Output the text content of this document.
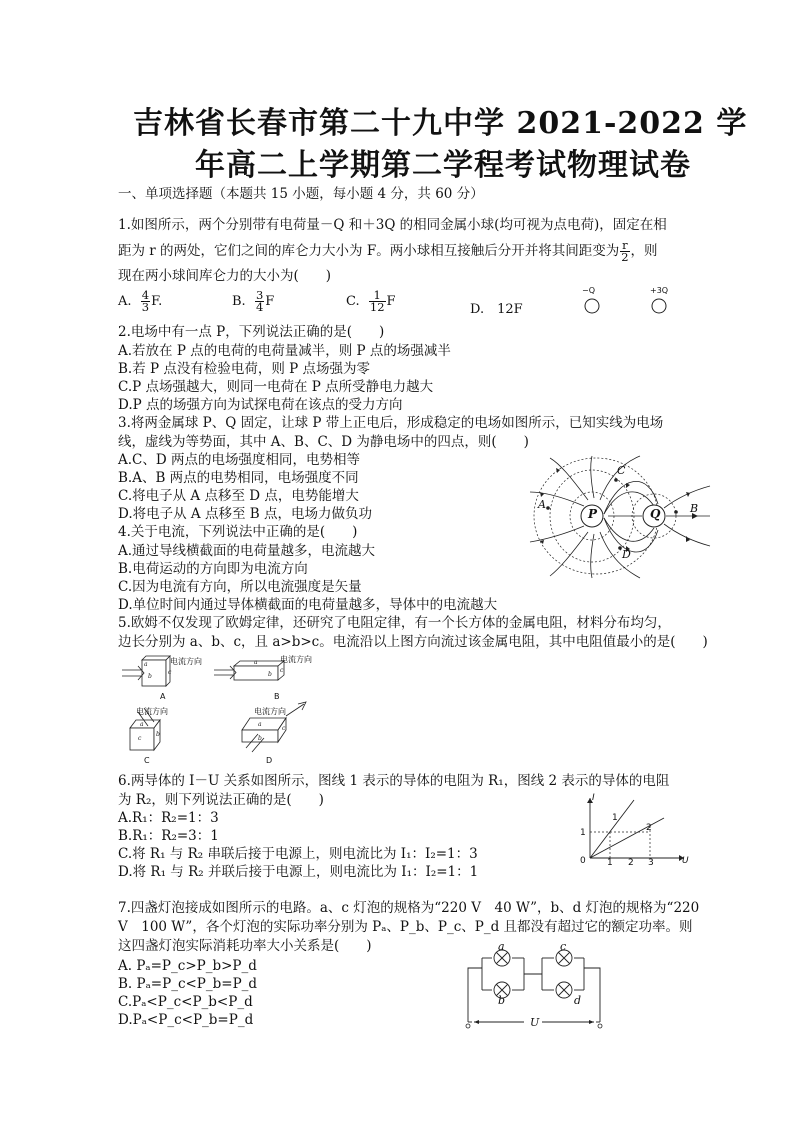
吉林省长春市第二十九中学 2021-2022 学
年高二上学期第二学程考试物理试卷
一、单项选择题（本题共 15 小题，每小题 4 分，共 60 分）
1.如图所示，两个分别带有电荷量－Q 和＋3Q 的相同金属小球(均可视为点电荷)，固定在相
距为 r 的两处，它们之间的库仑力大小为 F。两小球相互接触后分开并将其间距变为 $\frac{r}{2}$ ，则
现在两小球间库仑力的大小为(　　)
A. $\frac{4}{3} F$.	B. $\frac{3}{4}$ F	C. $\frac{1}{12}$ F
D.　12F
−Q	+3Q
2.电场中有一点 P，下列说法正确的是(　　)
A.若放在 P 点的电荷的电荷量减半，则 P 点的场强减半
B.若 P 点没有检验电荷，则 P 点场强为零
C.P 点场强越大，则同一电荷在 P 点所受静电力越大
D.P 点的场强方向为试探电荷在该点的受力方向
3.将两金属球 P、Q 固定，让球 P 带上正电后，形成稳定的电场如图所示，已知实线为电场
线，虚线为等势面，其中 A、B、C、D 为静电场中的四点，则(　　)
A.C、D 两点的电场强度相同，电势相等
B.A、B 两点的电势相同，电场强度不同
C.将电子从 A 点移至 D 点，电势能增大
D.将电子从 A 点移至 B 点，电场力做负功	P	Q
A	B
C
D
4.关于电流，下列说法中正确的是(　　)
A.通过导线横截面的电荷量越多，电流越大
B.电荷运动的方向即为电流方向
C.因为电流有方向，所以电流强度是矢量
D.单位时间内通过导体横截面的电荷量越多，导体中的电流越大
5.欧姆不仅发现了欧姆定律，还研究了电阻定律，有一个长方体的金属电阻，材料分布均匀，
边长分别为 a、b、c，且 a>b>c。电流沿以上图方向流过该金属电阻，其中电阻值最小的是(　　)
a
b
c
a
b
c
a
c
b
a
b
c
电流方向	电流方向
电流方向	电流方向
A	B
C	D
6.两导体的 I－U 关系如图所示，图线 1 表示的导体的电阻为 R₁，图线 2 表示的导体的电阻
为 R₂，则下列说法正确的是(　　)
A.R₁：R₂=1：3
B.R₁：R₂=3：1
C.将 R₁ 与 R₂ 串联后接于电源上，则电流比为 I₁：I₂=1：3
D.将 R₁ 与 R₂ 并联后接于电源上，则电流比为 I₁：I₂=1：1
I
U
0 1 2 3
1
1
2
7.四盏灯泡接成如图所示的电路。a、c 灯泡的规格为“220 V　40 W”，b、d 灯泡的规格为“220
V　100 W”，各个灯泡的实际功率分别为 Pₐ、P_b、P_c、P_d 且都没有超过它的额定功率。则
这四盏灯泡实际消耗功率大小关系是(　　)
A. Pₐ=P_c>P_b>P_d
B. Pₐ=P_c<P_b=P_d
C.Pₐ<P_c<P_b<P_d
D.Pₐ<P_c<P_b=P_d
a
b
c
d
U
